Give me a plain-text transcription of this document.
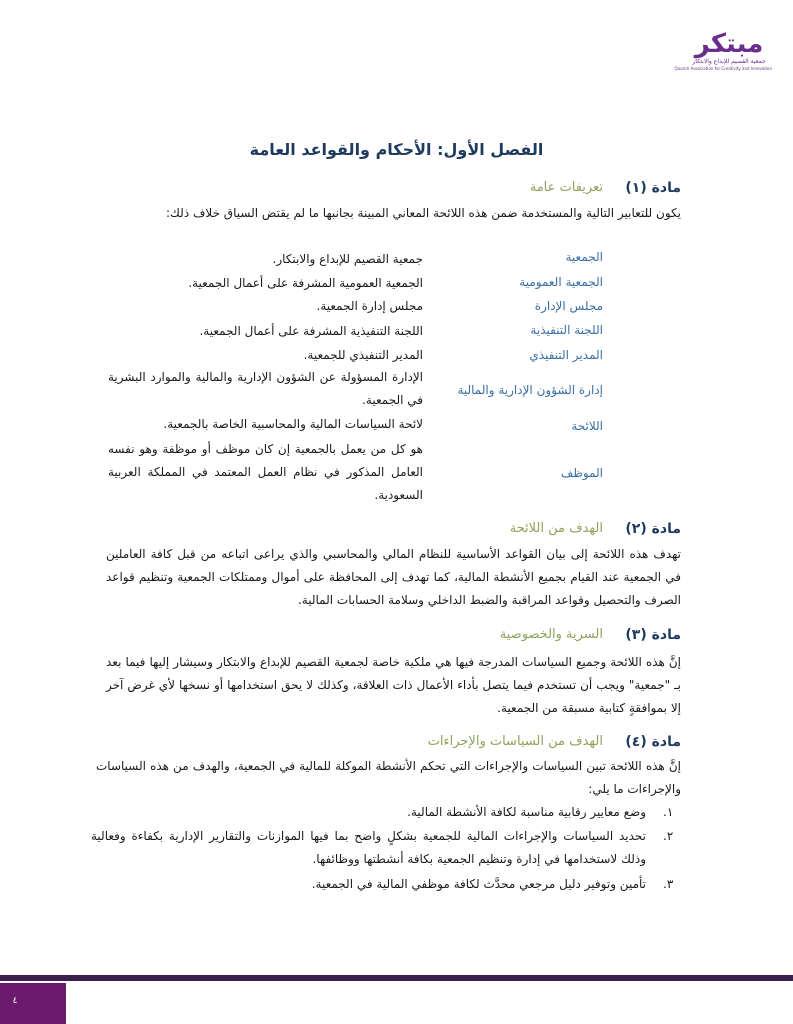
مبتكر
جمعية القصيم للإبداع والابتكار
Qassim Association for Creativity and Innovation
الفصل الأول: الأحكام والقواعد العامة
مادة (١)
تعريفات عامة
يكون للتعابير التالية والمستخدمة ضمن هذه اللائحة المعاني المبينة بجانبها ما لم يقتض السياق خلاف ذلك:
الجمعية
جمعية القصيم للإبداع والابتكار.
الجمعية العمومية
الجمعية العمومية المشرفة على أعمال الجمعية.
مجلس الإدارة
مجلس إدارة الجمعية.
اللجنة التنفيذية
اللجنة التنفيذية المشرفة على أعمال الجمعية.
المدير التنفيذي
المدير التنفيذي للجمعية.
إدارة الشؤون الإدارية والمالية
الإدارة المسؤولة عن الشؤون الإدارية والمالية والموارد البشرية في الجمعية.
اللائحة
لائحة السياسات المالية والمحاسبية الخاصة بالجمعية.
الموظف
هو كل من يعمل بالجمعية إن كان موظف أو موظفة وهو نفسه العامل المذكور في نظام العمل المعتمد في المملكة العربية السعودية.
مادة (٢)
الهدف من اللائحة
تهدف هذه اللائحة إلى بيان القواعد الأساسية للنظام المالي والمحاسبي والذي يراعى اتباعه من قبل كافة العاملين في الجمعية عند القيام بجميع الأنشطة المالية، كما تهدف إلى المحافظة على أموال وممتلكات الجمعية وتنظيم قواعد الصرف والتحصيل وقواعد المراقبة والضبط الداخلي وسلامة الحسابات المالية.
مادة (٣)
السرية والخصوصية
إنَّ هذه اللائحة وجميع السياسات المدرجة فيها هي ملكية خاصة لجمعية القصيم للإبداع والابتكار وسيشار إليها فيما بعد بـ "جمعية" ويجب أن تستخدم فيما يتصل بأداء الأعمال ذات العلاقة، وكذلك لا يحق استخدامها أو نسخها لأي غرض آخر إلا بموافقةٍ كتابية مسبقة من الجمعية.
مادة (٤)
الهدف من السياسات والإجراءات
إنَّ هذه اللائحة تبين السياسات والإجراءات التي تحكم الأنشطة الموكلة للمالية في الجمعية، والهدف من هذه السياسات والإجراءات ما يلي:
١.
وضع معايير رقابية مناسبة لكافة الأنشطة المالية.
٢.
تحديد السياسات والإجراءات المالية للجمعية بشكلٍ واضح بما فيها الموازنات والتقارير الإدارية بكفاءة وفعالية وذلك لاستخدامها في إدارة وتنظيم الجمعية بكافة أنشطتها ووظائفها.
٣.
تأمين وتوفير دليل مرجعي محدَّث لكافة موظفي المالية في الجمعية.
٤
